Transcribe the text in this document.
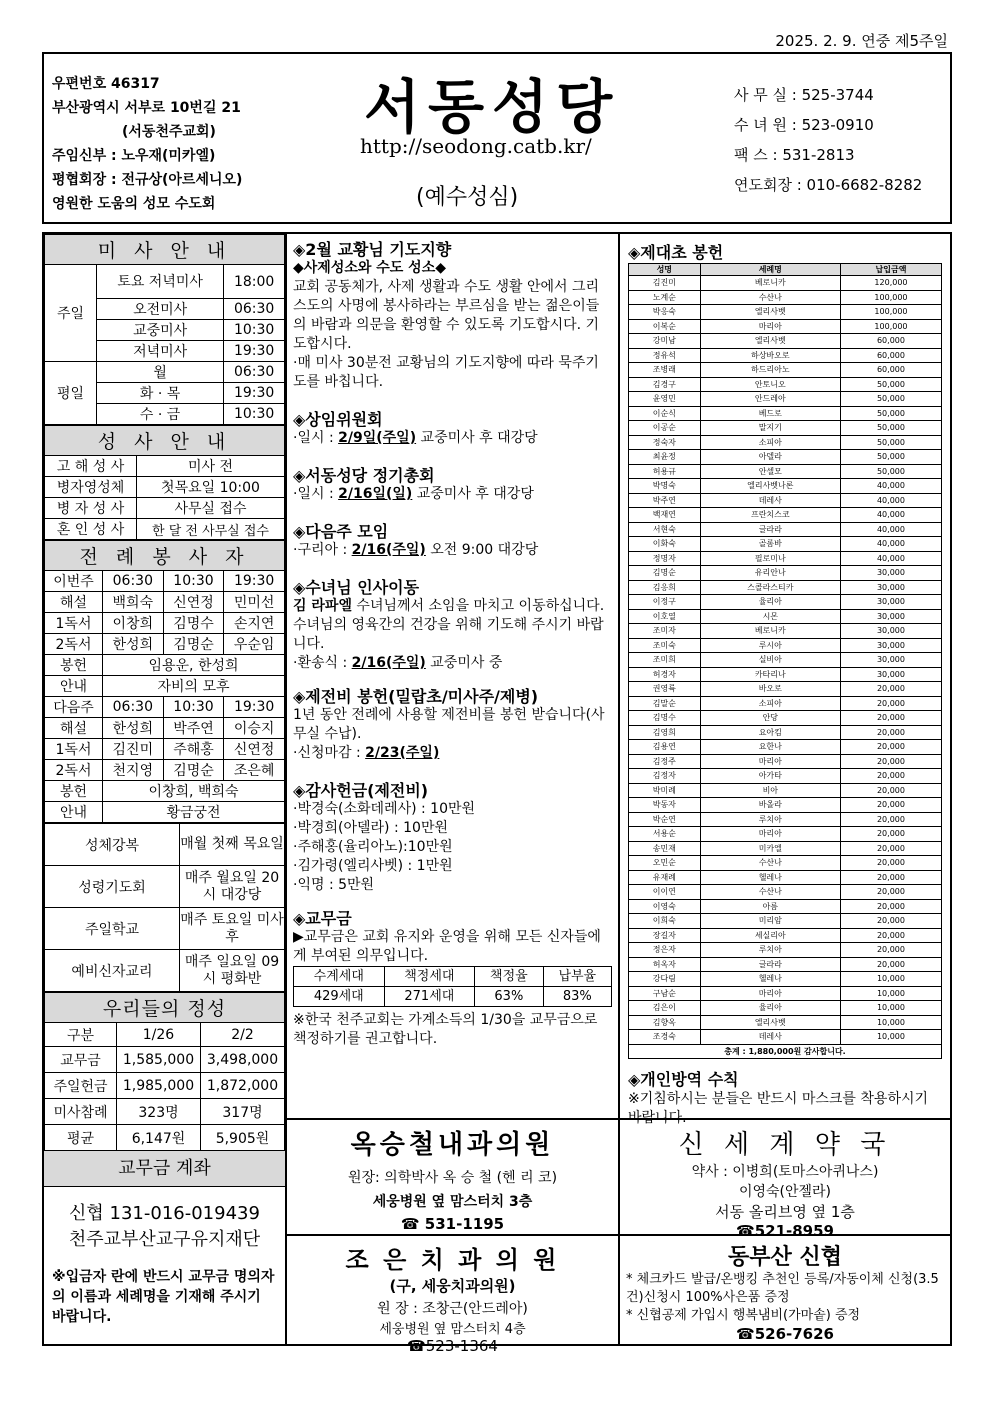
2025. 2. 9. 연중 제5주일
우편번호 46317
부산광역시 서부로 10번길 21
(서동천주교회)
주임신부 : 노우재(미카엘)
평협회장 : 전규상(아르세니오)
영원한 도움의 성모 수도회
서동성당
http://seodong.catb.kr/
(예수성심)
사 무 실 : 525-3744
수 녀 원 : 523-0910
팩 스 : 531-2813
연도회장 : 010-6682-8282
미 사 안 내		
주일	토요 저녁미사	18:00
	오전미사	06:30
	교중미사	10:30
	저녁미사	19:30
평일	월	06:30
	화 · 목	19:30
	수 · 금	10:30
성 사 안 내	
고 해 성 사	미사 전
병자영성체	첫목요일 10:00
병 자 성 사	사무실 접수
혼 인 성 사	한 달 전 사무실 접수
전 례 봉 사 자			
이번주	06:30	10:30	19:30
해설	백희숙	신연정	민미선
1독서	이창희	김명수	손지연
2독서	한성희	김명순	우순임
봉헌	임용운, 한성희		
안내	자비의 모후		
다음주	06:30	10:30	19:30
해설	한성희	박주연	이승지
1독서	김진미	주해홍	신연정
2독서	천지영	김명순	조은혜
봉헌	이창희, 백희숙		
안내	황금궁전		
성체강복	매월 첫째 목요일
성령기도회	매주 월요일 20시 대강당
주일학교	매주 토요일 미사 후
예비신자교리	매주 일요일 09시 평화반
우리들의 정성		
구분	1/26	2/2
교무금	1,585,000	3,498,000
주일헌금	1,985,000	1,872,000
미사참례	323명	317명
평균	6,147원	5,905원
교무금 계좌
신협 131-016-019439
천주교부산교구유지재단
※입금자 란에 반드시 교무금 명의자의 이름과 세례명을 기재해 주시기 바랍니다.
◈2월 교황님 기도지향

◆사제성소와 수도 성소◆

교회 공동체가, 사제 생활과 수도 생활 안에서 그리스도의 사명에 봉사하라는 부르심을 받는 젊은이들의 바람과 의문을 환영할 수 있도록 기도합시다. 기도합시다.

·매 미사 30분전 교황님의 기도지향에 따라 묵주기도를 바칩니다.

◈상임위원회

·일시 : 2/9일(주일) 교중미사 후 대강당

◈서동성당 정기총회

·일시 : 2/16일(일) 교중미사 후 대강당

◈다음주 모임

·구리아 : 2/16(주일) 오전 9:00 대강당

◈수녀님 인사이동

김 라파엘 수녀님께서 소임을 마치고 이동하십니다. 수녀님의 영육간의 건강을 위해 기도해 주시기 바랍니다.

·환송식 : 2/16(주일) 교중미사 중

◈제전비 봉헌(밀랍초/미사주/제병)

1년 동안 전례에 사용할 제전비를 봉헌 받습니다(사무실 수납).

·신청마감 : 2/23(주일)

◈감사헌금(제전비)

·박경숙(소화데레사) : 10만원

·박경희(아델라) : 10만원

·주해홍(율리아노):10만원

·김가령(엘리사벳) : 1만원

·익명 : 5만원

◈교무금

▶교무금은 교회 유지와 운영을 위해 모든 신자들에게 부여된 의무입니다.

수계세대	책정세대	책정율	납부율
429세대	271세대	63%	83%

※한국 천주교회는 가계소득의 1/30을 교무금으로 책정하기를 권고합니다.

◈제대초 봉헌
성명	세례명	납입금액
김진미	베로니카	120,000
노계순	수산나	100,000
박응숙	엘리사벳	100,000
이복순	마리아	100,000
강미남	엘리사벳	60,000
정유석	하상바오로	60,000
조병래	하드리아노	60,000
김경구	안토니오	50,000
윤영민	안드레아	50,000
이순식	베드로	50,000
이공순	말지기	50,000
정숙자	소피아	50,000
최윤정	아델라	50,000
허용규	안셀모	50,000
박명숙	엘리사벳나론	40,000
박주연	데레사	40,000
백재연	프란치스코	40,000
서현숙	글라라	40,000
이화숙	골롬바	40,000
정명자	필로미나	40,000
김명순	유리안나	30,000
김응희	스콜라스티카	30,000
이정구	율리아	30,000
이호열	시몬	30,000
조미자	베로니카	30,000
조미숙	루시아	30,000
조미희	실비아	30,000
허경자	카타리나	30,000
권영륙	바오로	20,000
김말순	소피아	20,000
김명수	안당	20,000
김영희	요아킴	20,000
김용연	요한나	20,000
김정주	마리아	20,000
김정자	아가타	20,000
박미례	비아	20,000
박동자	바올라	20,000
박순연	루치아	20,000
서용순	마리아	20,000
송민재	미카엘	20,000
오민순	수산나	20,000
유재례	헬레나	20,000
이이연	수산나	20,000
이영숙	아름	20,000
이희숙	미리암	20,000
장길자	세실리아	20,000
정은자	루치아	20,000
허옥자	글라라	20,000
강다림	헬레나	10,000
구남순	마리아	10,000
김은이	율리아	10,000
김향옥	엘리사벳	10,000
조경숙	데레사	10,000
총계 : 1,880,000원 감사합니다.		
◈개인방역 수칙

※기침하시는 분들은 반드시 마스크를 착용하시기 바랍니다.

옥승철내과의원
원장: 의학박사 옥 승 철 (헨 리 코)
세웅병원 옆 맘스터치 3층
☎ 531-1195
신 세 계 약 국
약사 : 이병희(토마스아퀴나스)
이영숙(안젤라)
서동 올리브영 옆 1층
☎521-8959
조 은 치 과 의 원
(구, 세웅치과의원)
원 장 : 조창근(안드레아)
세웅병원 옆 맘스터치 4층
☎523-1364
동부산 신협
* 체크카드 발급/온뱅킹 추천인 등록/자동이체 신청(3.5건)신청시 100%사은품 증정
* 신협공제 가입시 행복냄비(가마솥) 증정
☎526-7626
